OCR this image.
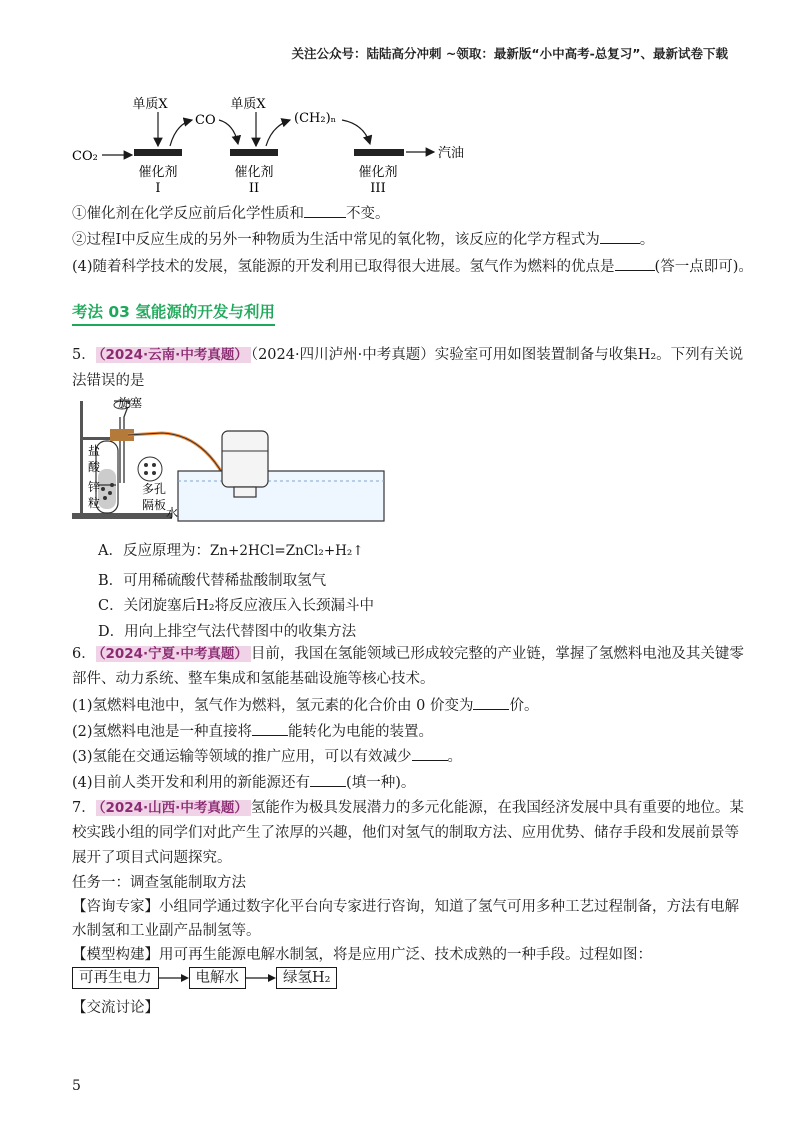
关注公众号：陆陆高分冲刺 ~领取：最新版“小中高考-总复习”、最新试卷下载
CO₂
单质X
CO
催化剂
I
单质X
(CH₂)ₙ
催化剂
II
汽油
催化剂
III
①催化剂在化学反应前后化学性质和	不变。
②过程Ⅰ中反应生成的另外一种物质为生活中常见的氧化物，该反应的化学方程式为	。
(4)随着科学技术的发展，氢能源的开发利用已取得很大进展。氢气作为燃料的优点是	(答一点即可)。
考法 03 氢能源的开发与利用
5． （2024·云南·中考真题） （2024·四川泸州·中考真题）实验室可用如图装置制备与收集H₂。下列有关说
法错误的是
旋塞
盐
酸
锌
粒
多孔
隔板
水
A．反应原理为：Zn+2HCl=ZnCl₂+H₂↑
B．可用稀硫酸代替稀盐酸制取氢气
C．关闭旋塞后H₂将反应液压入长颈漏斗中
D．用向上排空气法代替图中的收集方法
6． （2024·宁夏·中考真题） 目前，我国在氢能领域已形成较完整的产业链，掌握了氢燃料电池及其关键零
部件、动力系统、整车集成和氢能基础设施等核心技术。
(1)氢燃料电池中，氢气作为燃料，氢元素的化合价由 0 价变为 价。
(2)氢燃料电池是一种直接将 能转化为电能的装置。
(3)氢能在交通运输等领域的推广应用，可以有效减少 。
(4)目前人类开发和利用的新能源还有 (填一种)。
7． （2024·山西·中考真题） 氢能作为极具发展潜力的多元化能源，在我国经济发展中具有重要的地位。某
校实践小组的同学们对此产生了浓厚的兴趣，他们对氢气的制取方法、应用优势、储存手段和发展前景等
展开了项目式问题探究。
任务一：调查氢能制取方法
【咨询专家】小组同学通过数字化平台向专家进行咨询，知道了氢气可用多种工艺过程制备，方法有电解
水制氢和工业副产品制氢等。
【模型构建】用可再生能源电解水制氢，将是应用广泛、技术成熟的一种手段。过程如图：
可再生电力	电解水	绿氢H₂
【交流讨论】
5
